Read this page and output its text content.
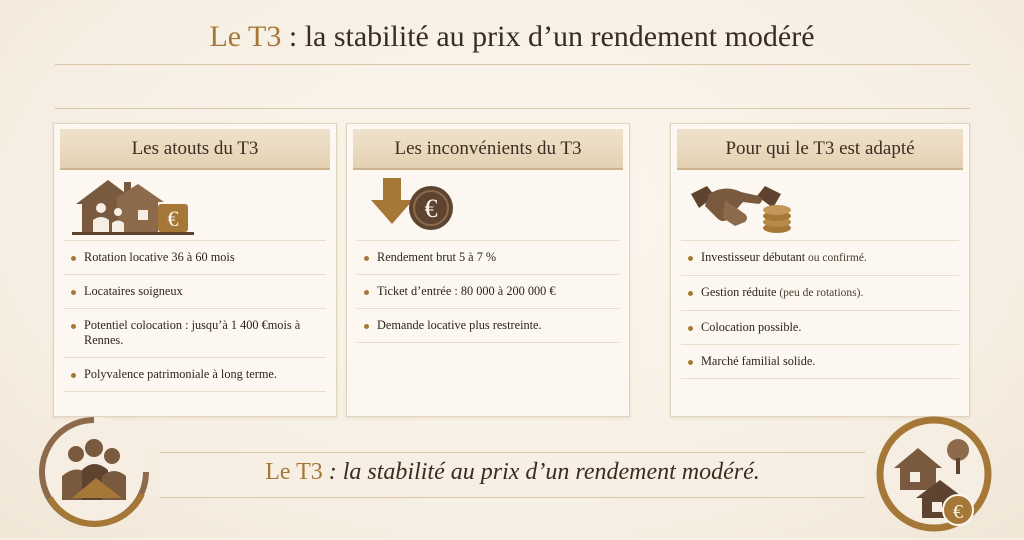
Le T3 : la stabilité au prix d’un rendement modéré
Les atouts du T3
€
Rotation locative 36 à 60 mois
Locataires soigneux
Potentiel colocation : jusqu’à 1 400 €mois à Rennes.
Polyvalence patrimoniale à long terme.
Les inconvénients du T3
€
Rendement brut 5 à 7 %
Ticket d’entrée : 80 000 à 200 000 €
Demande locative plus restreinte.
Pour qui le T3 est adapté
Investisseur débutant ou confirmé.
Gestion réduite (peu de rotations).
Colocation possible.
Marché familial solide.
Le T3 : la stabilité au prix d’un rendement modéré.
€
